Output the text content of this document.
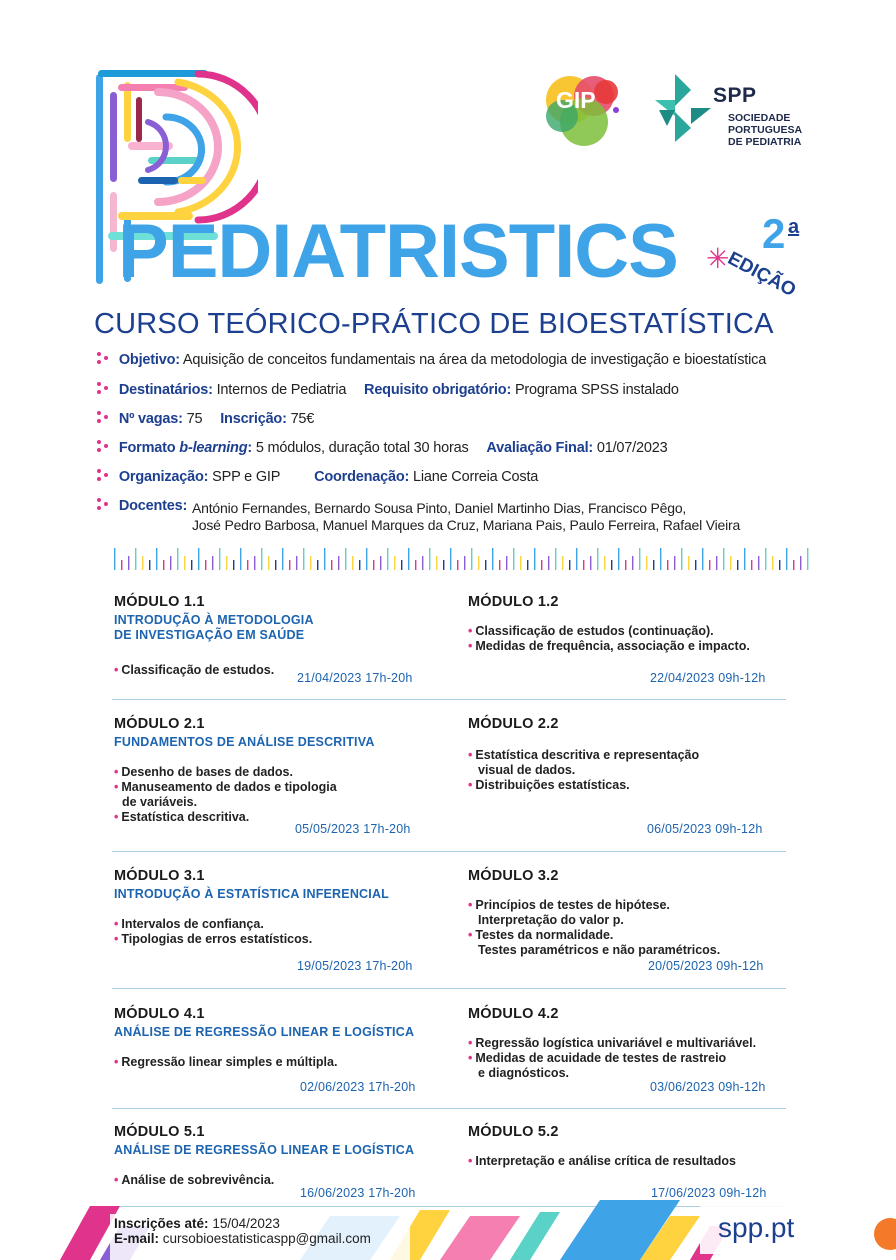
GIP	SPP
SOCIEDADE
PORTUGUESA
DE PEDIATRIA
PEDIATRISTICS ✳
2 a
EDIÇÃO
CURSO TEÓRICO-PRÁTICO DE BIOESTATÍSTICA
Objetivo: Aquisição de conceitos fundamentais na área da metodologia de investigação e bioestatística
Destinatários: Internos de Pediatria Requisito obrigatório: Programa SPSS instalado
Nº vagas: 75 Inscrição: 75€
Formato b-learning: 5 módulos, duração total 30 horas Avaliação Final: 01/07/2023
Organização: SPP e GIP Coordenação: Liane Correia Costa
Docentes: António Fernandes, Bernardo Sousa Pinto, Daniel Martinho Dias, Francisco Pêgo,
José Pedro Barbosa, Manuel Marques da Cruz, Mariana Pais, Paulo Ferreira, Rafael Vieira
MÓDULO 1.1
INTRODUÇÃO À METODOLOGIA
DE INVESTIGAÇÃO EM SAÚDE
• Classificação de estudos.
21/04/2023 17h-20h
MÓDULO 1.2
• Classificação de estudos (continuação).
• Medidas de frequência, associação e impacto.
22/04/2023 09h-12h
MÓDULO 2.1
FUNDAMENTOS DE ANÁLISE DESCRITIVA
• Desenho de bases de dados.
• Manuseamento de dados e tipologia
de variáveis.
• Estatística descritiva.
05/05/2023 17h-20h
MÓDULO 2.2
• Estatística descritiva e representação
visual de dados.
• Distribuições estatísticas.
06/05/2023 09h-12h
MÓDULO 3.1
INTRODUÇÃO À ESTATÍSTICA INFERENCIAL
• Intervalos de confiança.
• Tipologias de erros estatísticos.
19/05/2023 17h-20h
MÓDULO 3.2
• Princípios de testes de hipótese.
Interpretação do valor p.
• Testes da normalidade.
Testes paramétricos e não paramétricos.
20/05/2023 09h-12h
MÓDULO 4.1
ANÁLISE DE REGRESSÃO LINEAR E LOGÍSTICA
• Regressão linear simples e múltipla.
02/06/2023 17h-20h
MÓDULO 4.2
• Regressão logística univariável e multivariável.
• Medidas de acuidade de testes de rastreio
e diagnósticos.
03/06/2023 09h-12h
MÓDULO 5.1
ANÁLISE DE REGRESSÃO LINEAR E LOGÍSTICA
• Análise de sobrevivência.
16/06/2023 17h-20h
MÓDULO 5.2
• Interpretação e análise crítica de resultados
17/06/2023 09h-12h
Inscrições até: 15/04/2023
E-mail: cursobioestatisticaspp@gmail.com	spp.pt
